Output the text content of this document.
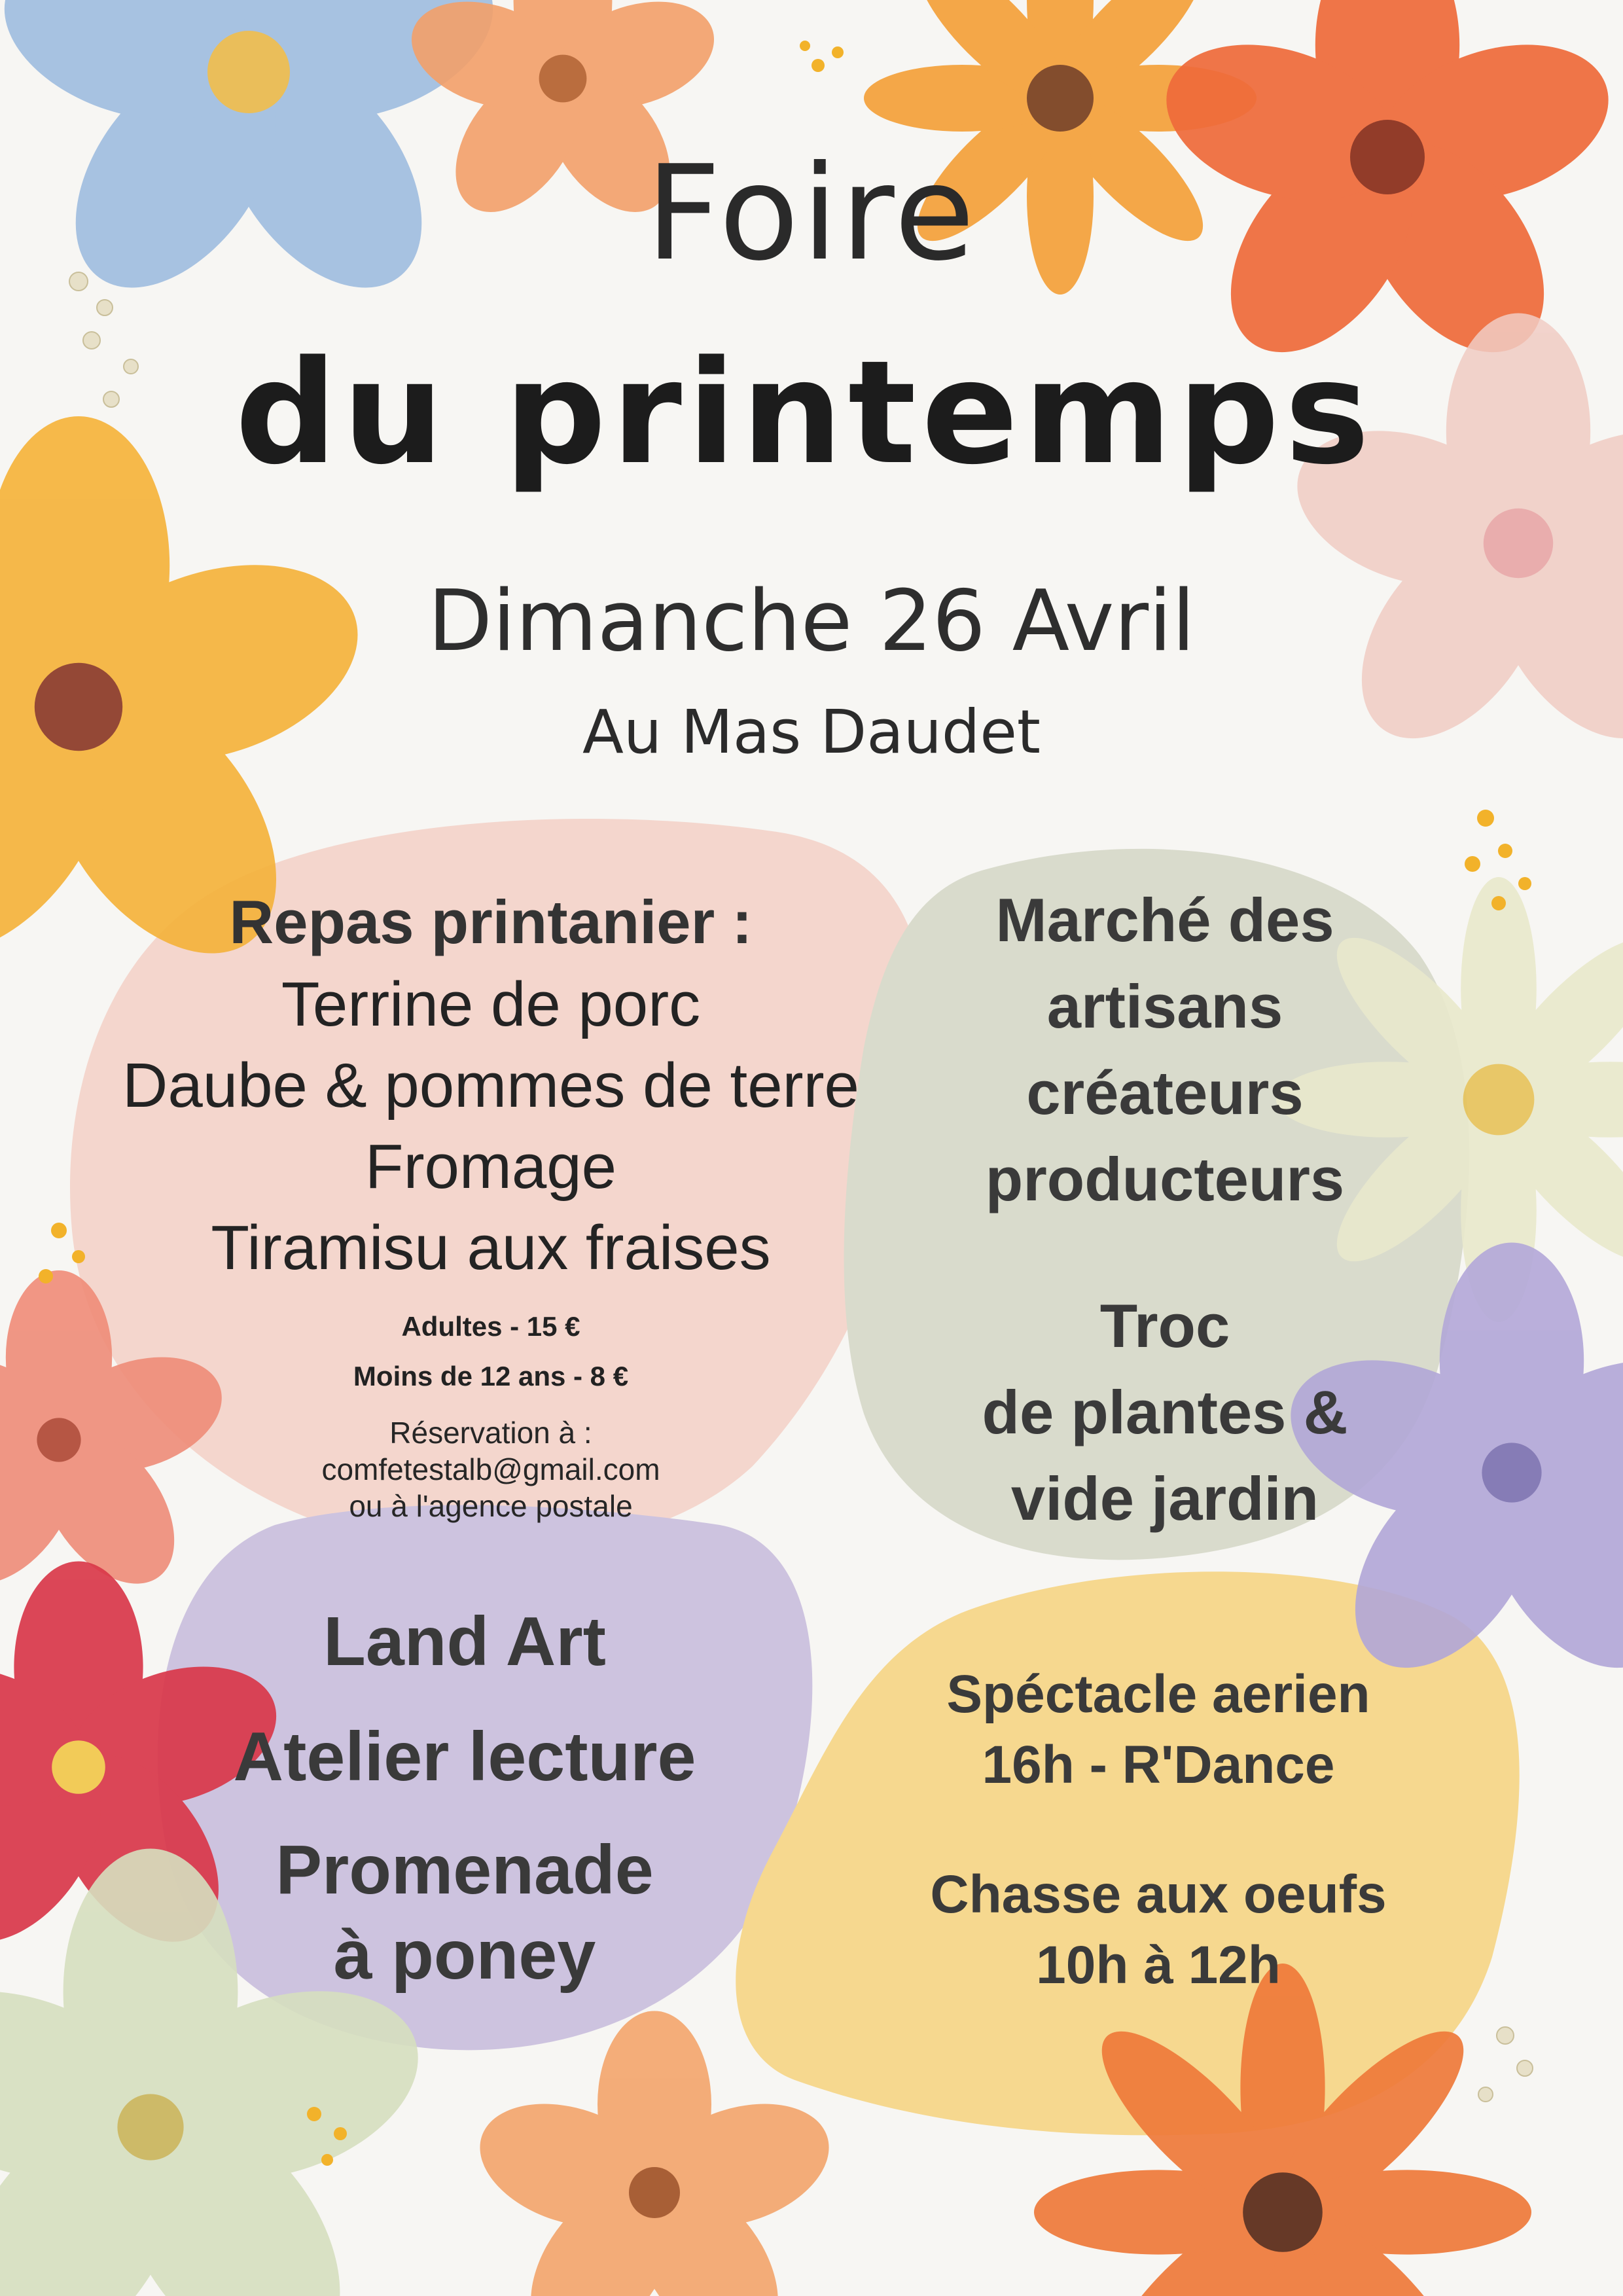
Foire
du printemps
Dimanche 26 Avril
Au Mas Daudet
Repas printanier :
Terrine de porc
Daube & pommes de terre
Fromage
Tiramisu aux fraises
Adultes - 15 €
Moins de 12 ans - 8 €
Réservation à :
comfetestalb@gmail.com
ou à l'agence postale
Marché des
artisans
créateurs
producteurs
Troc
de plantes &
vide jardin
Land Art
Atelier lecture
Promenade
à poney
Spéctacle aerien
16h - R'Dance
Chasse aux oeufs
10h à 12h
